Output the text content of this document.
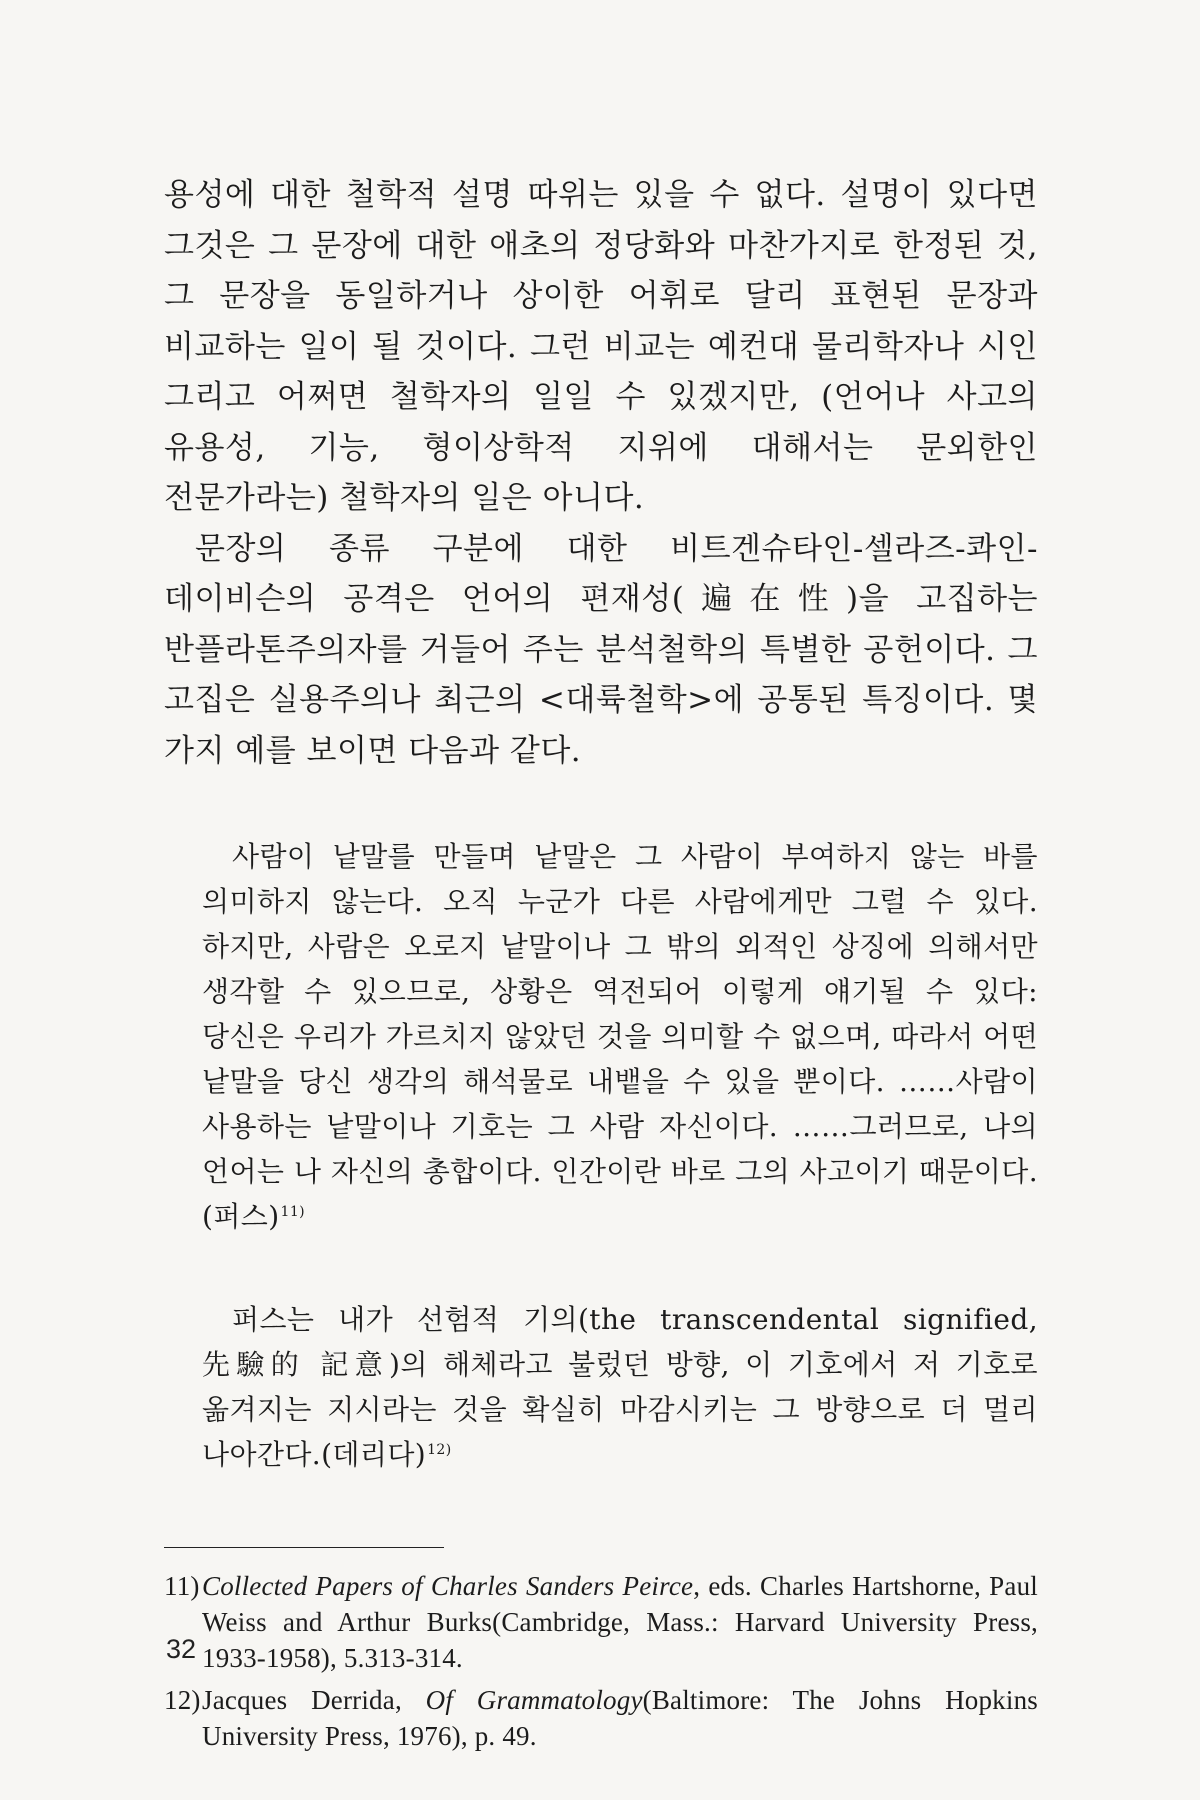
용성에 대한 철학적 설명 따위는 있을 수 없다. 설명이 있다면 그것은 그 문장에 대한 애초의 정당화와 마찬가지로 한정된 것, 그 문장을 동일하거나 상이한 어휘로 달리 표현된 문장과 비교하는 일이 될 것이다. 그런 비교는 예컨대 물리학자나 시인 그리고 어쩌면 철학자의 일일 수 있겠지만, (언어나 사고의 유용성, 기능, 형이상학적 지위에 대해서는 문외한인 전문가라는) 철학자의 일은 아니다.

문장의 종류 구분에 대한 비트겐슈타인-셀라즈-콰인-데이비슨의 공격은 언어의 편재성(遍在性)을 고집하는 반플라톤주의자를 거들어 주는 분석철학의 특별한 공헌이다. 그 고집은 실용주의나 최근의 <대륙철학>에 공통된 특징이다. 몇 가지 예를 보이면 다음과 같다.

사람이 낱말를 만들며 낱말은 그 사람이 부여하지 않는 바를 의미하지 않는다. 오직 누군가 다른 사람에게만 그럴 수 있다. 하지만, 사람은 오로지 낱말이나 그 밖의 외적인 상징에 의해서만 생각할 수 있으므로, 상황은 역전되어 이렇게 얘기될 수 있다: 당신은 우리가 가르치지 않았던 것을 의미할 수 없으며, 따라서 어떤 낱말을 당신 생각의 해석물로 내뱉을 수 있을 뿐이다. ……사람이 사용하는 낱말이나 기호는 그 사람 자신이다. ……그러므로, 나의 언어는 나 자신의 총합이다. 인간이란 바로 그의 사고이기 때문이다.(퍼스)$^{11)}$

퍼스는 내가 선험적 기의(the transcendental signified, 先驗的 記意)의 해체라고 불렀던 방향, 이 기호에서 저 기호로 옮겨지는 지시라는 것을 확실히 마감시키는 그 방향으로 더 멀리 나아간다.(데리다)$^{12)}$

11) Collected Papers of Charles Sanders Peirce, eds. Charles Hartshorne, Paul Weiss and Arthur Burks(Cambridge, Mass.: Harvard University Press, 1933-1958), 5.313-314.
12) Jacques Derrida, Of Grammatology(Baltimore: The Johns Hopkins University Press, 1976), p. 49.
32
